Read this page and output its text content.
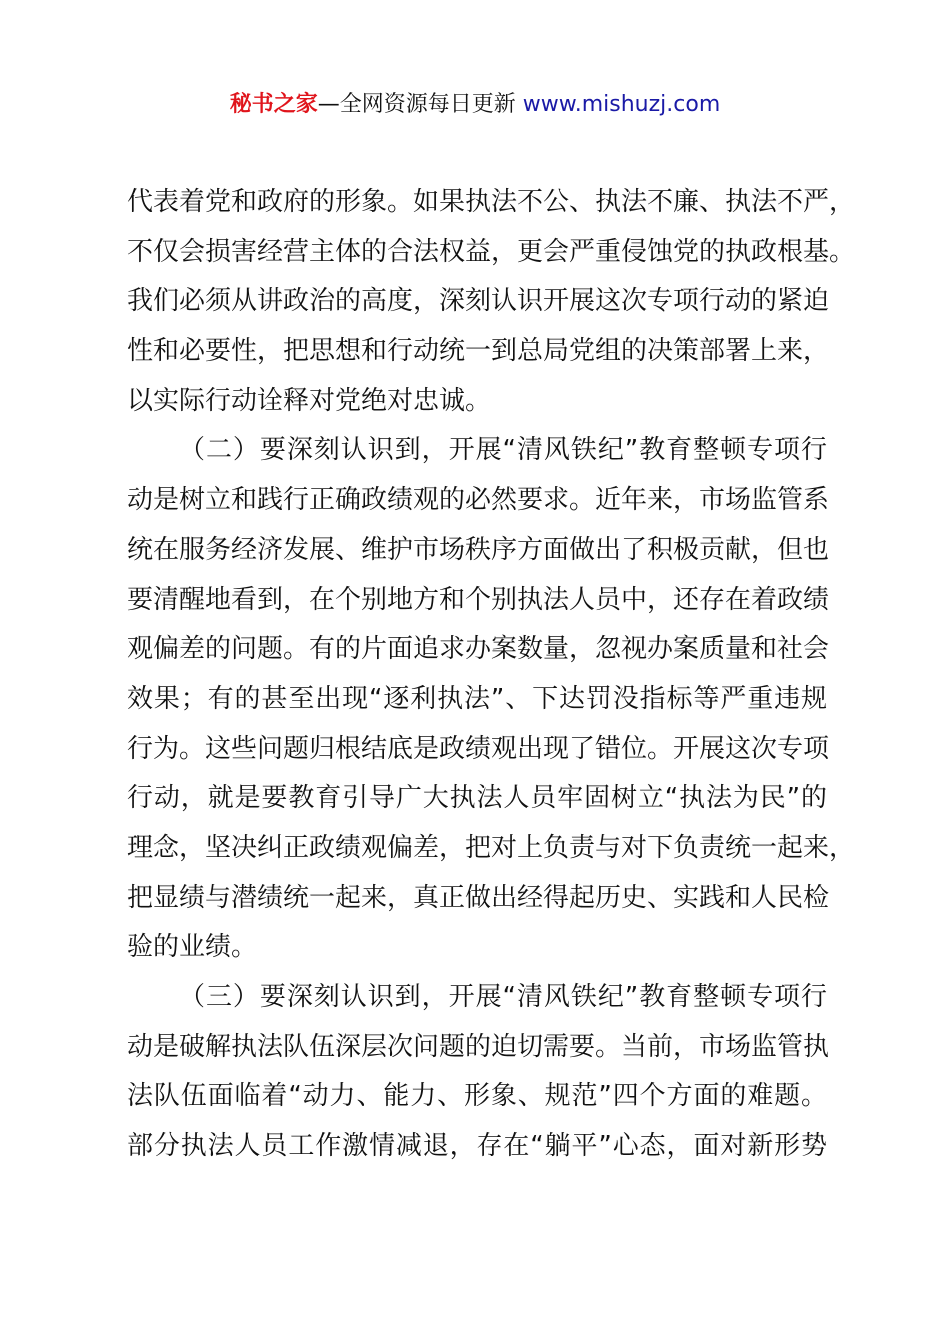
秘书之家—全网资源每日更新 www.mishuzj.com
代表着党和政府的形象。如果执法不公、执法不廉、执法不严，
不仅会损害经营主体的合法权益，更会严重侵蚀党的执政根基。
我们必须从讲政治的高度，深刻认识开展这次专项行动的紧迫
性和必要性，把思想和行动统一到总局党组的决策部署上来，
以实际行动诠释对党绝对忠诚。
（二）要深刻认识到，开展“清风铁纪”教育整顿专项行
动是树立和践行正确政绩观的必然要求。近年来，市场监管系
统在服务经济发展、维护市场秩序方面做出了积极贡献，但也
要清醒地看到，在个别地方和个别执法人员中，还存在着政绩
观偏差的问题。有的片面追求办案数量，忽视办案质量和社会
效果；有的甚至出现“逐利执法”、下达罚没指标等严重违规
行为。这些问题归根结底是政绩观出现了错位。开展这次专项
行动，就是要教育引导广大执法人员牢固树立“执法为民”的
理念，坚决纠正政绩观偏差，把对上负责与对下负责统一起来，
把显绩与潜绩统一起来，真正做出经得起历史、实践和人民检
验的业绩。
（三）要深刻认识到，开展“清风铁纪”教育整顿专项行
动是破解执法队伍深层次问题的迫切需要。当前，市场监管执
法队伍面临着“动力、能力、形象、规范”四个方面的难题。
部分执法人员工作激情减退，存在“躺平”心态，面对新形势
